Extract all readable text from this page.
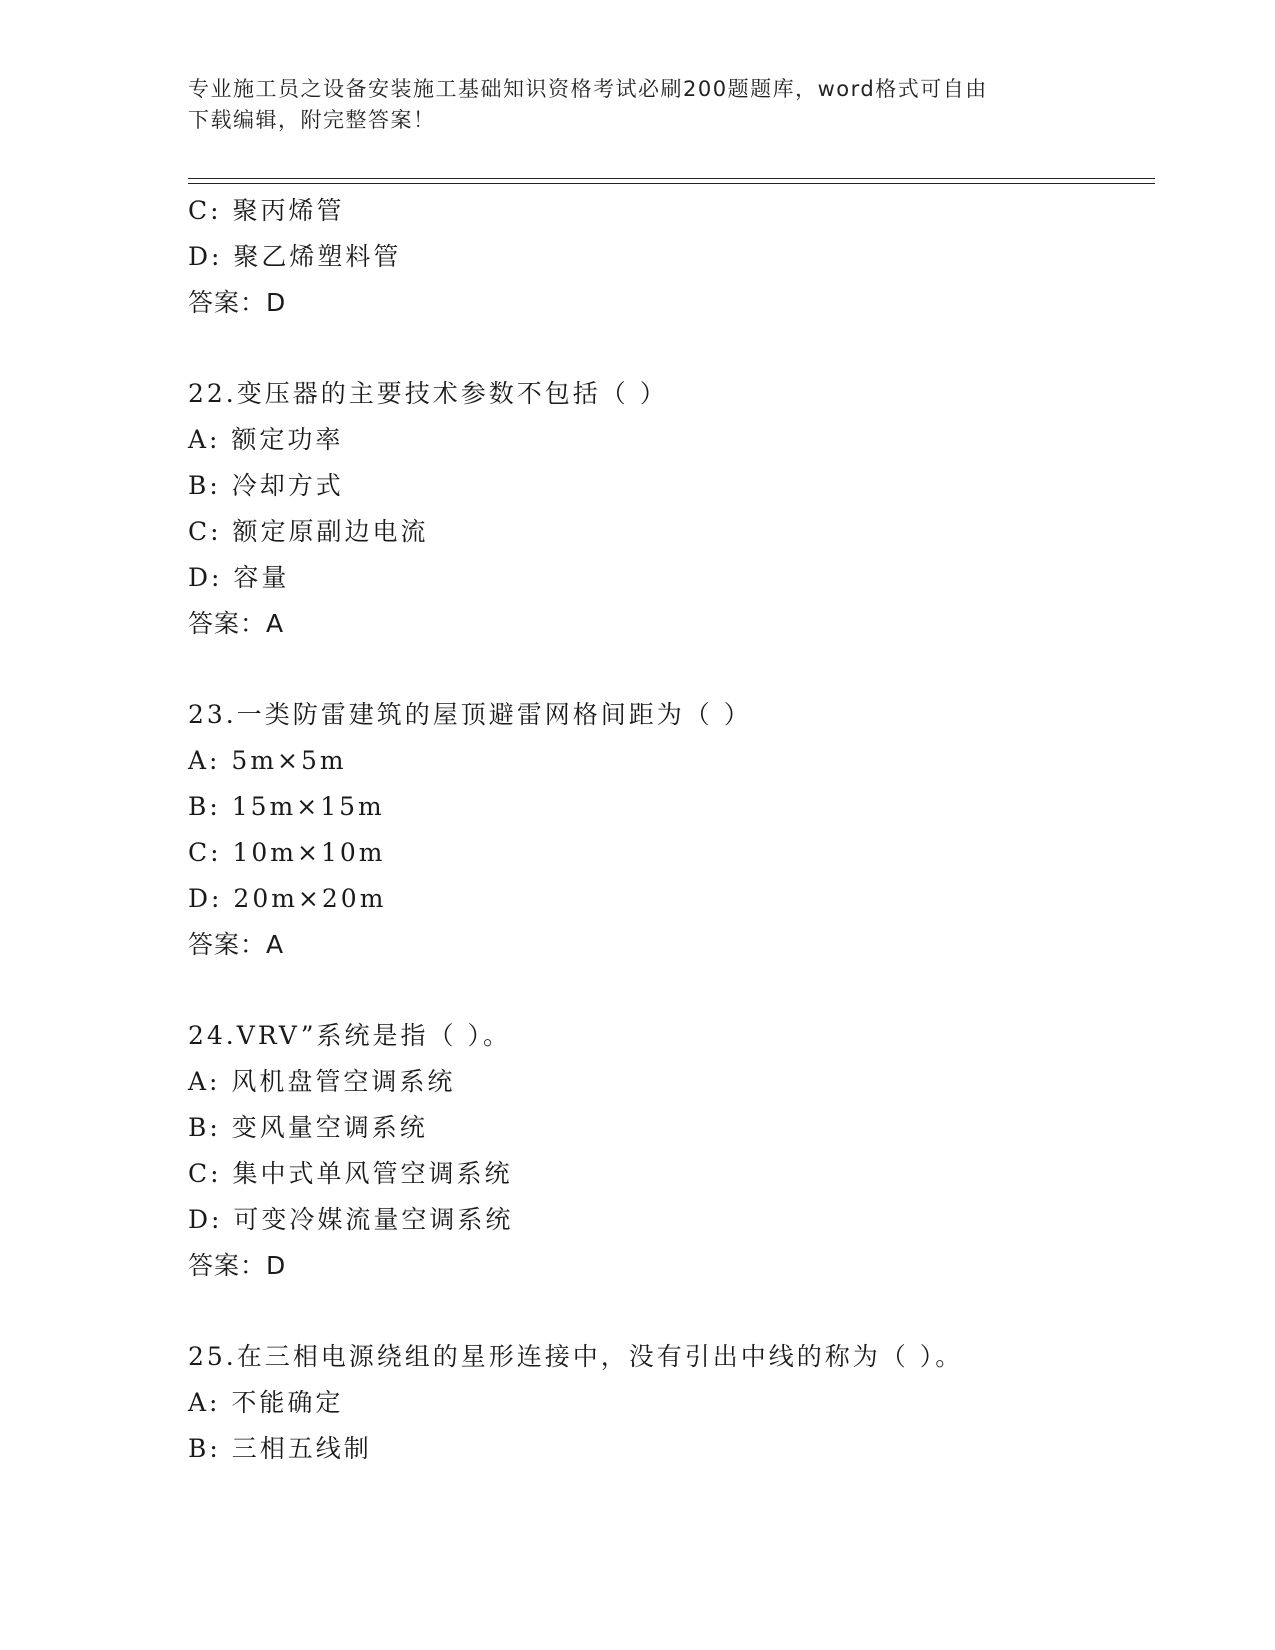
专业施工员之设备安装施工基础知识资格考试必刷200题题库，word格式可自由
下载编辑，附完整答案！
C: 聚丙烯管
D: 聚乙烯塑料管
答案：D
22.变压器的主要技术参数不包括（ ）
A: 额定功率
B: 冷却方式
C: 额定原副边电流
D: 容量
答案：A
23.一类防雷建筑的屋顶避雷网格间距为（ ）
A: 5m×5m
B: 15m×15m
C: 10m×10m
D: 20m×20m
答案：A
24.VRV”系统是指（ ）。
A: 风机盘管空调系统
B: 变风量空调系统
C: 集中式单风管空调系统
D: 可变冷媒流量空调系统
答案：D
25.在三相电源绕组的星形连接中，没有引出中线的称为（ ）。
A: 不能确定
B: 三相五线制
